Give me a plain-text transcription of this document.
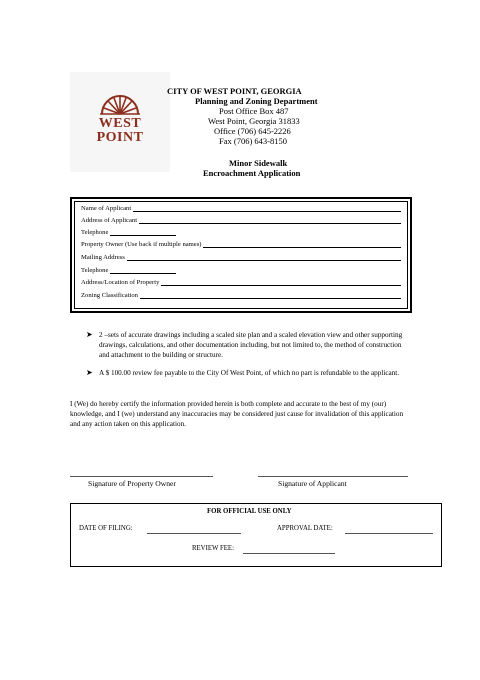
WEST
POINT
CITY OF WEST POINT, GEORGIA
Planning and Zoning Department
Post Office Box 487
West Point, Georgia 31833
Office (706) 645-2226
Fax (706) 643-8150
Minor Sidewalk
Encroachment Application
Name of Applicant
Address of Applicant
Telephone
Property Owner (Use back if multiple names)
Mailing Address
Telephone
Address/Location of Property
Zoning Classification
➤ 2 –sets of accurate drawings including a scaled site plan and a scaled elevation view and other supporting drawings, calculations, and other documentation including, but not limited to, the method of construction and attachment to the building or structure.
➤ A $ 100.00 review fee payable to the City Of West Point, of which no part is refundable to the applicant.
I (We) do hereby certify the information provided herein is both complete and accurate to the best of my (our) knowledge, and I (we) understand any inaccuracies may be considered just cause for invalidation of this application and any action taken on this application.
Signature of Property Owner	Signature of Applicant
FOR OFFICIAL USE ONLY
DATE OF FILING:	APPROVAL DATE:
REVIEW FEE:
